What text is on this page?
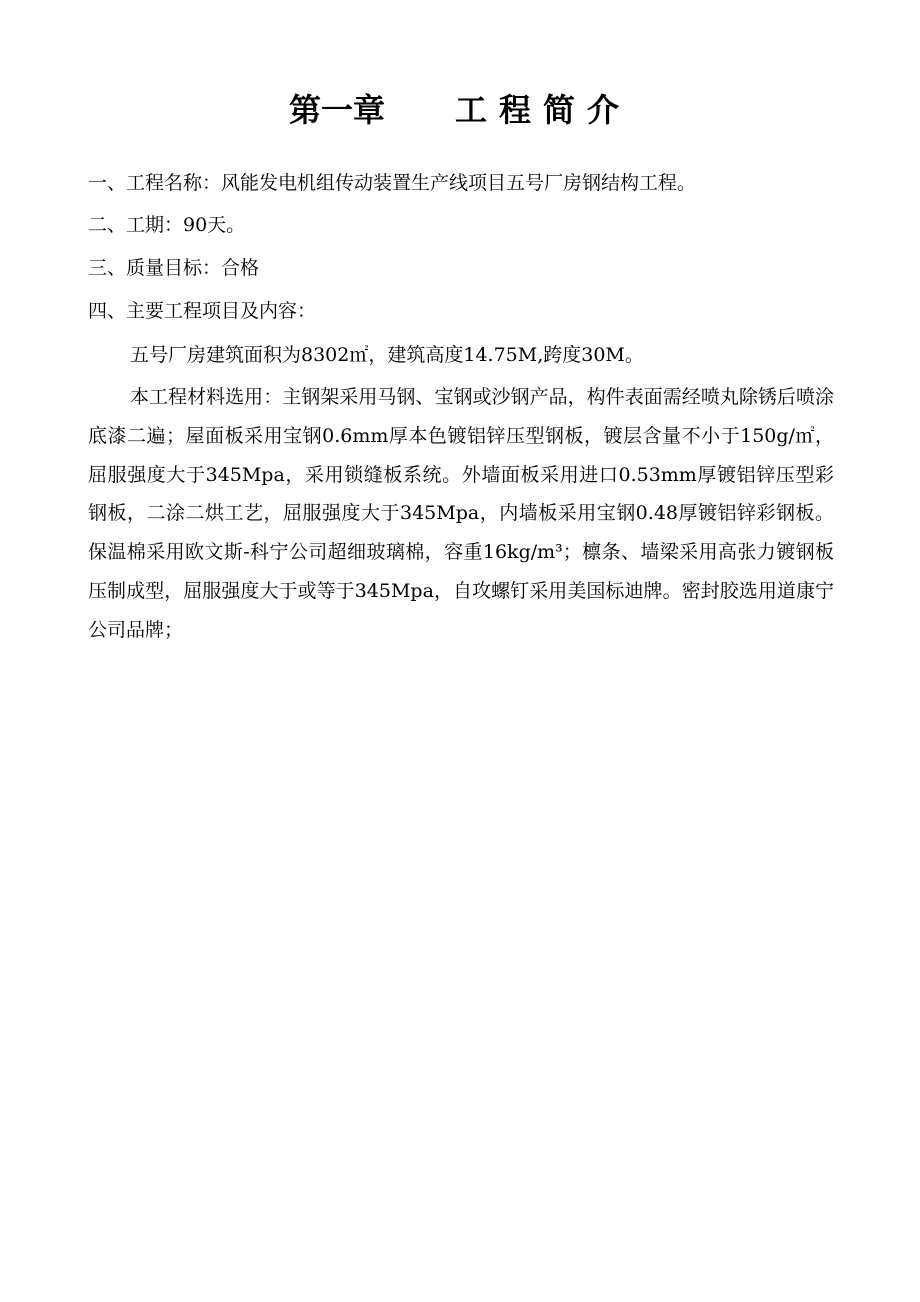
第一章 工程简介
一、工程名称：风能发电机组传动装置生产线项目五号厂房钢结构工程。
二、工期：90天。
三、质量目标：合格
四、主要工程项目及内容：
五号厂房建筑面积为8302㎡，建筑高度14.75M,跨度30M。
本工程材料选用：主钢架采用马钢、宝钢或沙钢产品，构件表面需经喷丸除锈后喷涂底漆二遍；屋面板采用宝钢0.6mm厚本色镀铝锌压型钢板，镀层含量不小于150g/㎡，屈服强度大于345Mpa，采用锁缝板系统。外墙面板采用进口0.53mm厚镀铝锌压型彩钢板，二涂二烘工艺，屈服强度大于345Mpa，内墙板采用宝钢0.48厚镀铝锌彩钢板。保温棉采用欧文斯-科宁公司超细玻璃棉，容重16kg/m³；檩条、墙梁采用高张力镀钢板压制成型，屈服强度大于或等于345Mpa，自攻螺钉采用美国标迪牌。密封胶选用道康宁公司品牌；
